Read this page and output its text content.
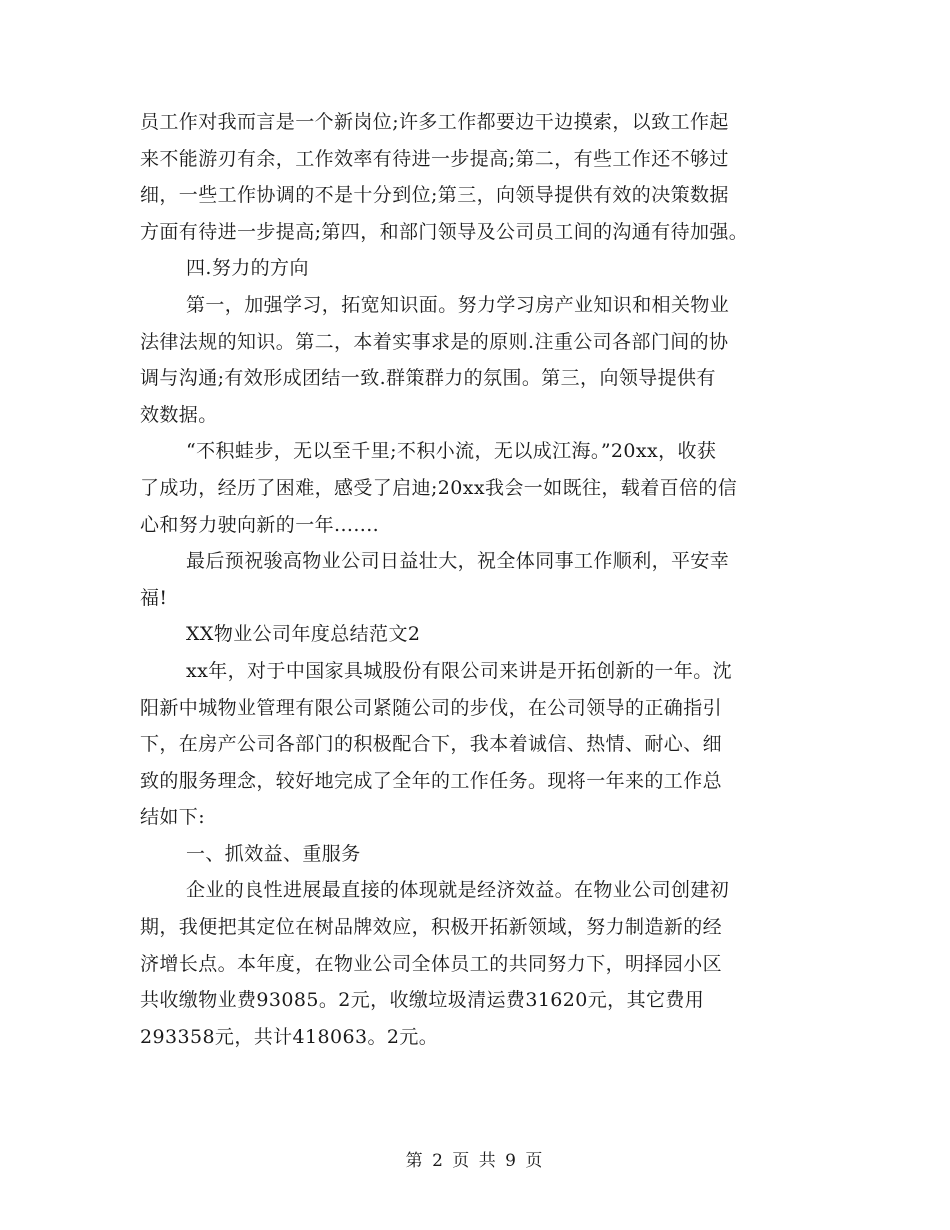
员工作对我而言是一个新岗位;许多工作都要边干边摸索，以致工作起
来不能游刃有余，工作效率有待进一步提高;第二，有些工作还不够过
细，一些工作协调的不是十分到位;第三，向领导提供有效的决策数据
方面有待进一步提高;第四，和部门领导及公司员工间的沟通有待加强。
四.努力的方向
第一，加强学习，拓宽知识面。努力学习房产业知识和相关物业
法律法规的知识。第二，本着实事求是的原则.注重公司各部门间的协
调与沟通;有效形成团结一致.群策群力的氛围。第三，向领导提供有
效数据。
“不积蛙步，无以至千里;不积小流，无以成江海。”20xx，收获
了成功，经历了困难，感受了启迪;20xx我会一如既往，载着百倍的信
心和努力驶向新的一年.......
最后预祝骏高物业公司日益壮大，祝全体同事工作顺利，平安幸
福!
XX物业公司年度总结范文2
xx年，对于中国家具城股份有限公司来讲是开拓创新的一年。沈
阳新中城物业管理有限公司紧随公司的步伐，在公司领导的正确指引
下，在房产公司各部门的积极配合下，我本着诚信、热情、耐心、细
致的服务理念，较好地完成了全年的工作任务。现将一年来的工作总
结如下:
一、抓效益、重服务
企业的良性进展最直接的体现就是经济效益。在物业公司创建初
期，我便把其定位在树品牌效应，积极开拓新领域，努力制造新的经
济增长点。本年度，在物业公司全体员工的共同努力下，明择园小区
共收缴物业费93085。2元，收缴垃圾清运费31620元，其它费用
293358元，共计418063。2元。
第 2 页 共 9 页
